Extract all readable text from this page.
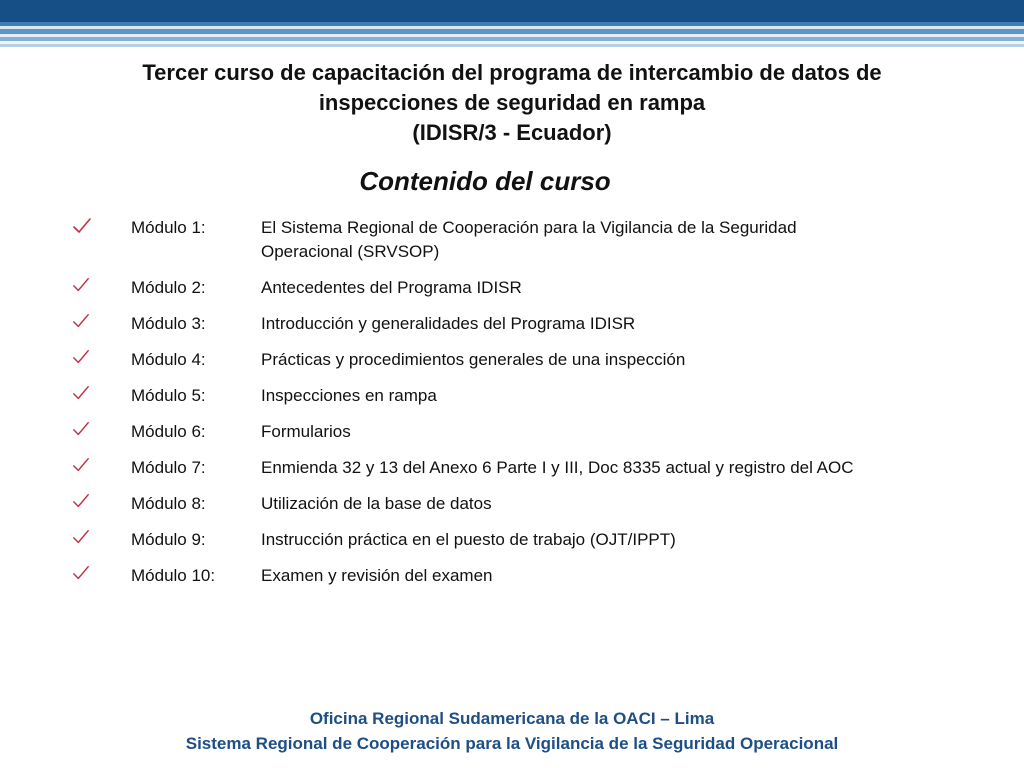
Tercer curso de capacitación del programa de intercambio de datos de
inspecciones de seguridad en rampa
(IDISR/3 - Ecuador)
Contenido del curso
Módulo 1:	El Sistema Regional de Cooperación para la Vigilancia de la Seguridad
Operacional (SRVSOP)
Módulo 2:	Antecedentes del Programa IDISR
Módulo 3:	Introducción y generalidades del Programa IDISR
Módulo 4:	Prácticas y procedimientos generales de una inspección
Módulo 5:	Inspecciones en rampa
Módulo 6:	Formularios
Módulo 7:	Enmienda 32 y 13 del Anexo 6 Parte I y III, Doc 8335 actual y registro del AOC
Módulo 8:	Utilización de la base de datos
Módulo 9:	Instrucción práctica en el puesto de trabajo (OJT/IPPT)
Módulo 10:	Examen y revisión del examen
Oficina Regional Sudamericana de la OACI – Lima
Sistema Regional de Cooperación para la Vigilancia de la Seguridad Operacional
